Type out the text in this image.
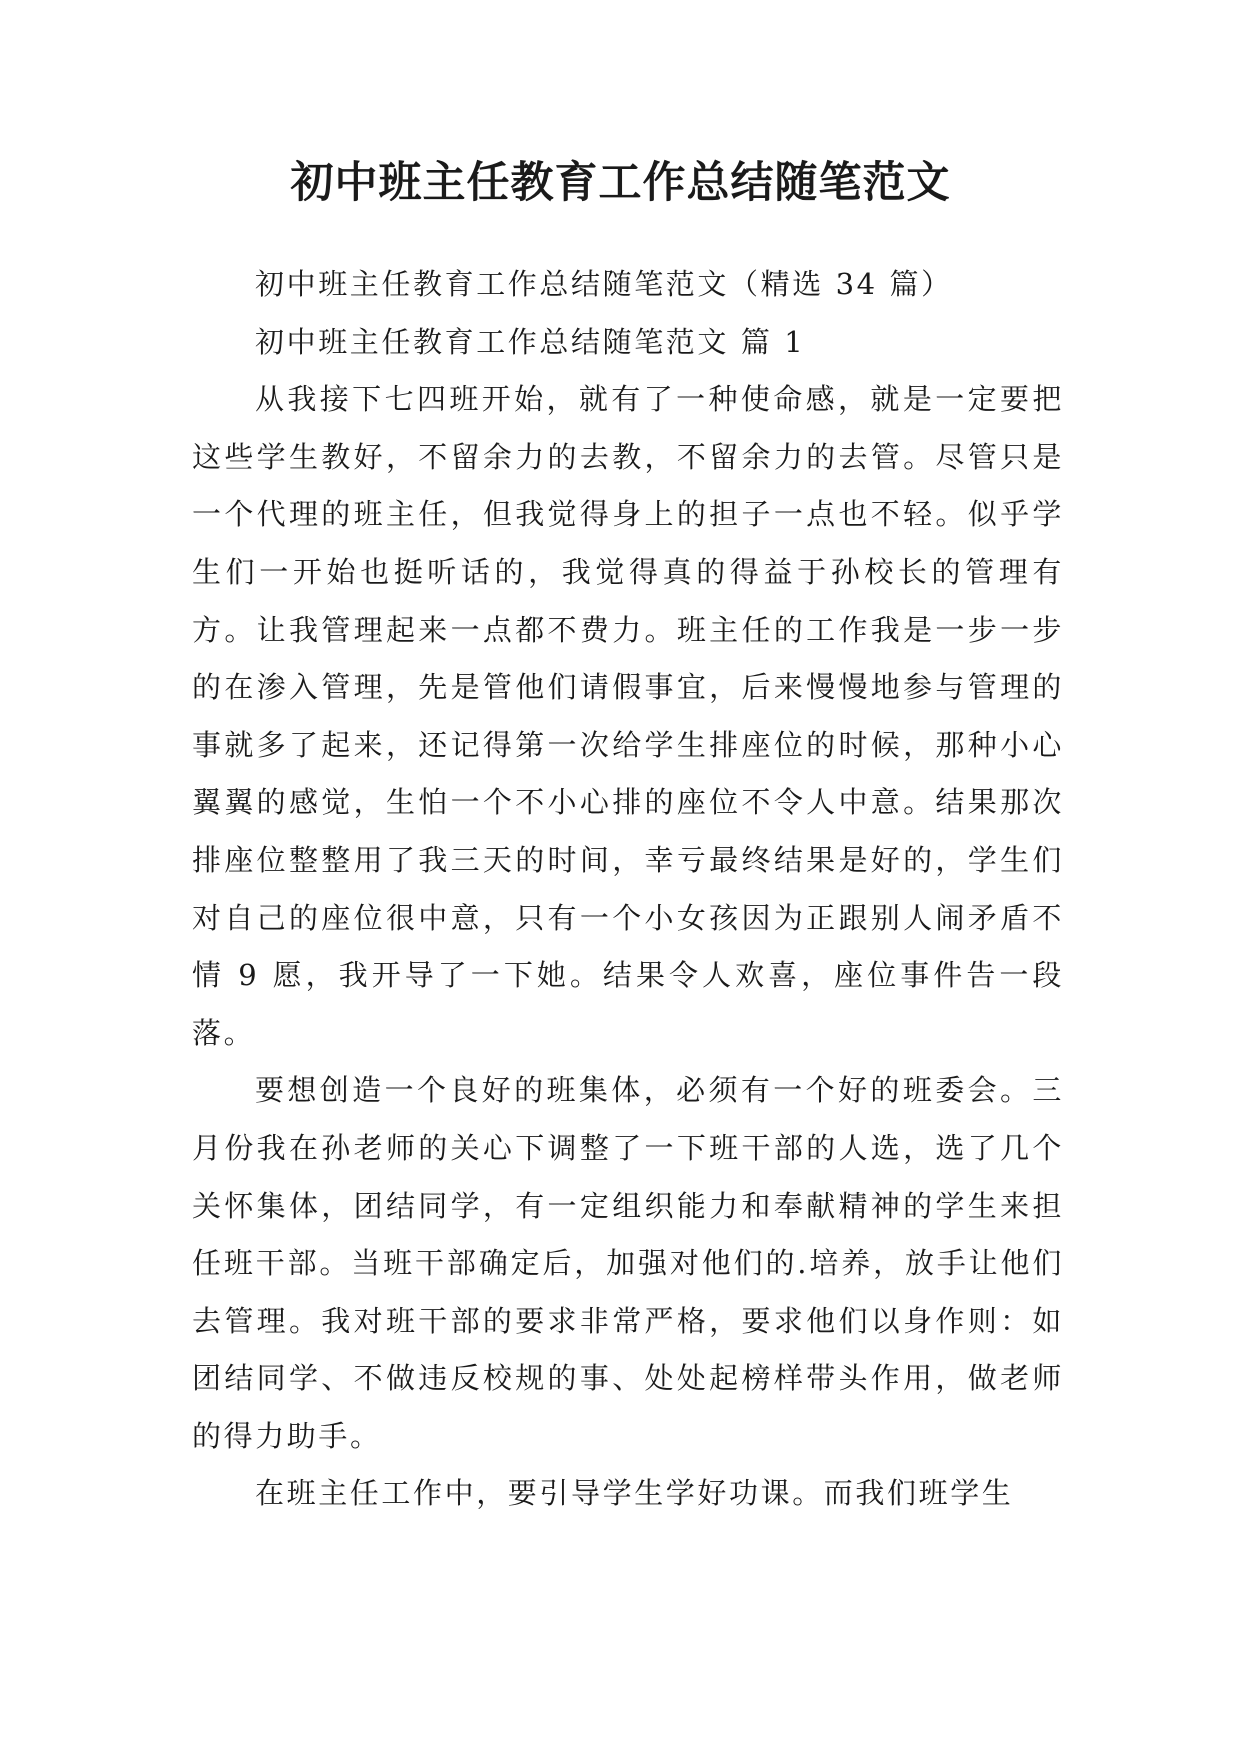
初中班主任教育工作总结随笔范文

初中班主任教育工作总结随笔范文（精选 34 篇）

初中班主任教育工作总结随笔范文 篇 1

从我接下七四班开始，就有了一种使命感，就是一定要把这些学生教好，不留余力的去教，不留余力的去管。尽管只是一个代理的班主任，但我觉得身上的担子一点也不轻。似乎学生们一开始也挺听话的，我觉得真的得益于孙校长的管理有方。让我管理起来一点都不费力。班主任的工作我是一步一步的在渗入管理，先是管他们请假事宜，后来慢慢地参与管理的事就多了起来，还记得第一次给学生排座位的时候，那种小心翼翼的感觉，生怕一个不小心排的座位不令人中意。结果那次排座位整整用了我三天的时间，幸亏最终结果是好的，学生们对自己的座位很中意，只有一个小女孩因为正跟别人闹矛盾不情 9 愿，我开导了一下她。结果令人欢喜，座位事件告一段落。

要想创造一个良好的班集体，必须有一个好的班委会。三月份我在孙老师的关心下调整了一下班干部的人选，选了几个关怀集体，团结同学，有一定组织能力和奉献精神的学生来担任班干部。当班干部确定后，加强对他们的.培养，放手让他们去管理。我对班干部的要求非常严格，要求他们以身作则：如团结同学、不做违反校规的事、处处起榜样带头作用，做老师的得力助手。

在班主任工作中，要引导学生学好功课。而我们班学生
